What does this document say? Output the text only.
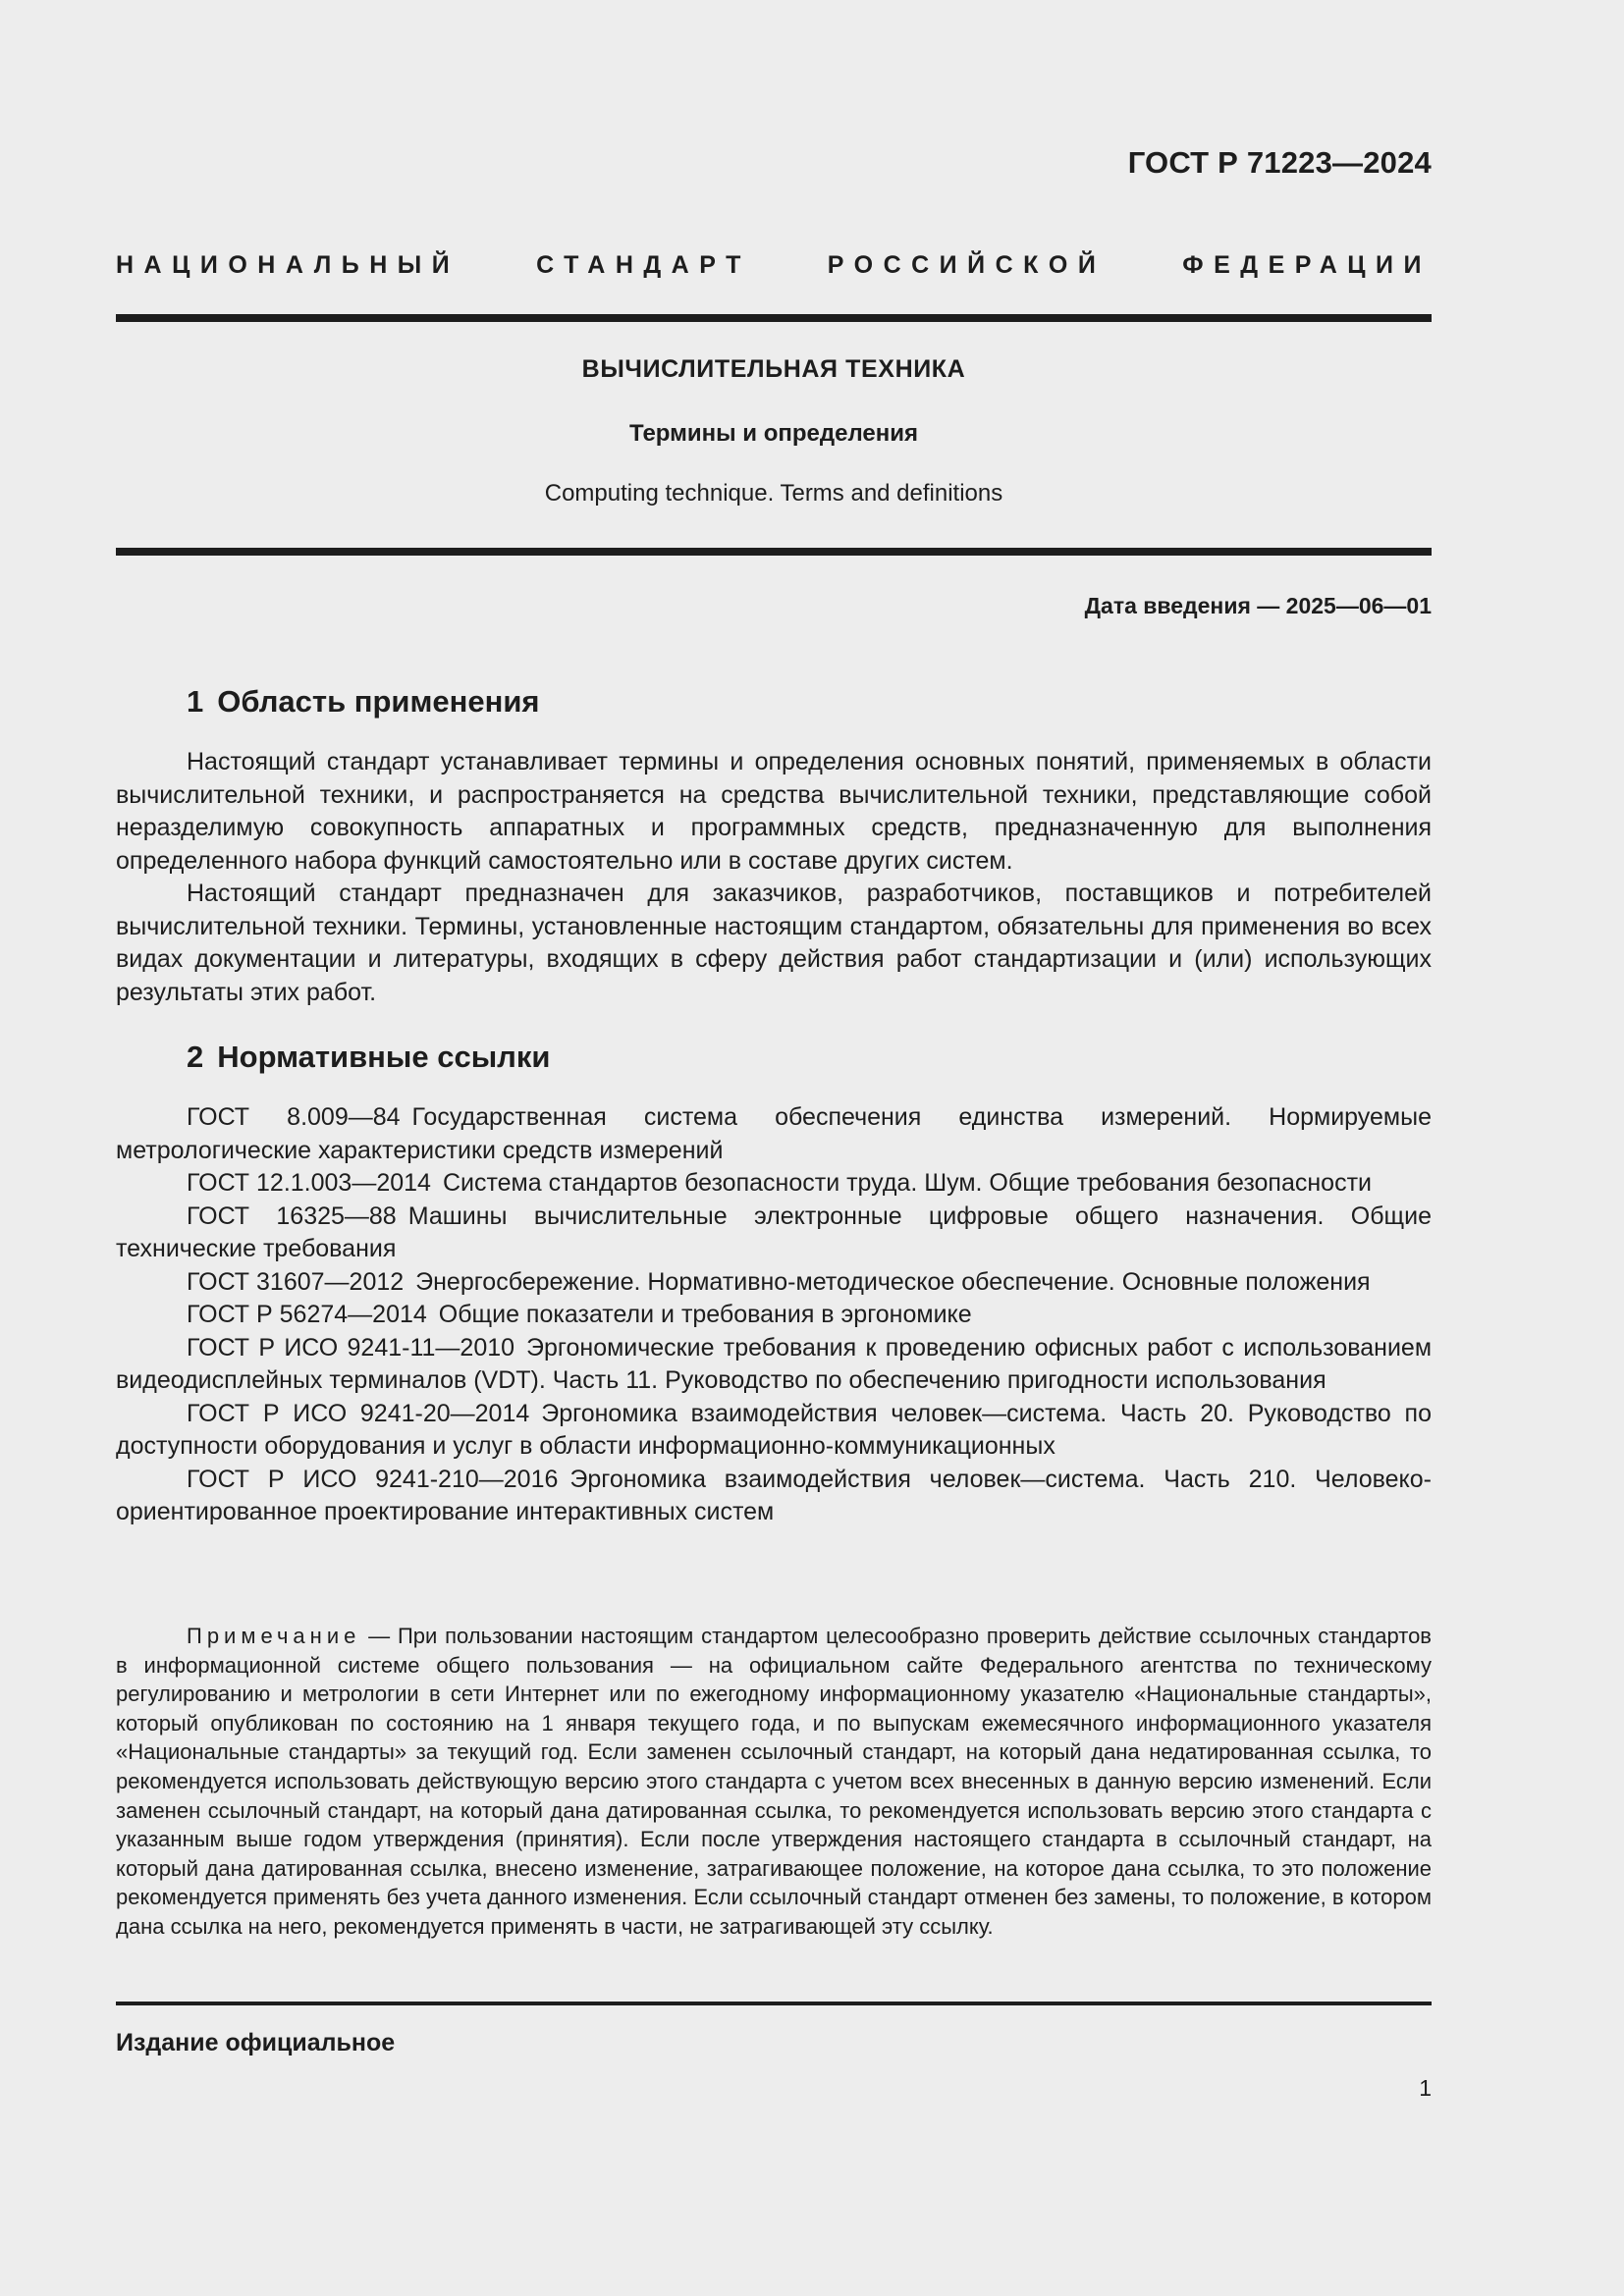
ГОСТ Р 71223—2024
НАЦИОНАЛЬНЫЙ СТАНДАРТ РОССИЙСКОЙ ФЕДЕРАЦИИ
ВЫЧИСЛИТЕЛЬНАЯ ТЕХНИКА
Термины и определения
Computing technique. Terms and definitions
Дата введения — 2025—06—01
1 Область применения

Настоящий стандарт устанавливает термины и определения основных понятий, применяемых в области вычислительной техники, и распространяется на средства вычислительной техники, представляющие собой неразделимую совокупность аппаратных и программных средств, предназначенную для выполнения определенного набора функций самостоятельно или в составе других систем.

Настоящий стандарт предназначен для заказчиков, разработчиков, поставщиков и потребителей вычислительной техники. Термины, установленные настоящим стандартом, обязательны для применения во всех видах документации и литературы, входящих в сферу действия работ стандартизации и (или) использующих результаты этих работ.

2 Нормативные ссылки

ГОСТ 8.009—84 Государственная система обеспечения единства измерений. Нормируемые метрологические характеристики средств измерений

ГОСТ 12.1.003—2014 Система стандартов безопасности труда. Шум. Общие требования безопасности

ГОСТ 16325—88 Машины вычислительные электронные цифровые общего назначения. Общие технические требования

ГОСТ 31607—2012 Энергосбережение. Нормативно-методическое обеспечение. Основные положения

ГОСТ Р 56274—2014 Общие показатели и требования в эргономике

ГОСТ Р ИСО 9241-11—2010 Эргономические требования к проведению офисных работ с использованием видеодисплейных терминалов (VDT). Часть 11. Руководство по обеспечению пригодности использования

ГОСТ Р ИСО 9241-20—2014 Эргономика взаимодействия человек—система. Часть 20. Руководство по доступности оборудования и услуг в области информационно-коммуникационных

ГОСТ Р ИСО 9241-210—2016 Эргономика взаимодействия человек—система. Часть 210. Человеко-ориентированное проектирование интерактивных систем

Примечание — При пользовании настоящим стандартом целесообразно проверить действие ссылочных стандартов в информационной системе общего пользования — на официальном сайте Федерального агентства по техническому регулированию и метрологии в сети Интернет или по ежегодному информационному указателю «Национальные стандарты», который опубликован по состоянию на 1 января текущего года, и по выпускам ежемесячного информационного указателя «Национальные стандарты» за текущий год. Если заменен ссылочный стандарт, на который дана недатированная ссылка, то рекомендуется использовать действующую версию этого стандарта с учетом всех внесенных в данную версию изменений. Если заменен ссылочный стандарт, на который дана датированная ссылка, то рекомендуется использовать версию этого стандарта с указанным выше годом утверждения (принятия). Если после утверждения настоящего стандарта в ссылочный стандарт, на который дана датированная ссылка, внесено изменение, затрагивающее положение, на которое дана ссылка, то это положение рекомендуется применять без учета данного изменения. Если ссылочный стандарт отменен без замены, то положение, в котором дана ссылка на него, рекомендуется применять в части, не затрагивающей эту ссылку.

Издание официальное
1
